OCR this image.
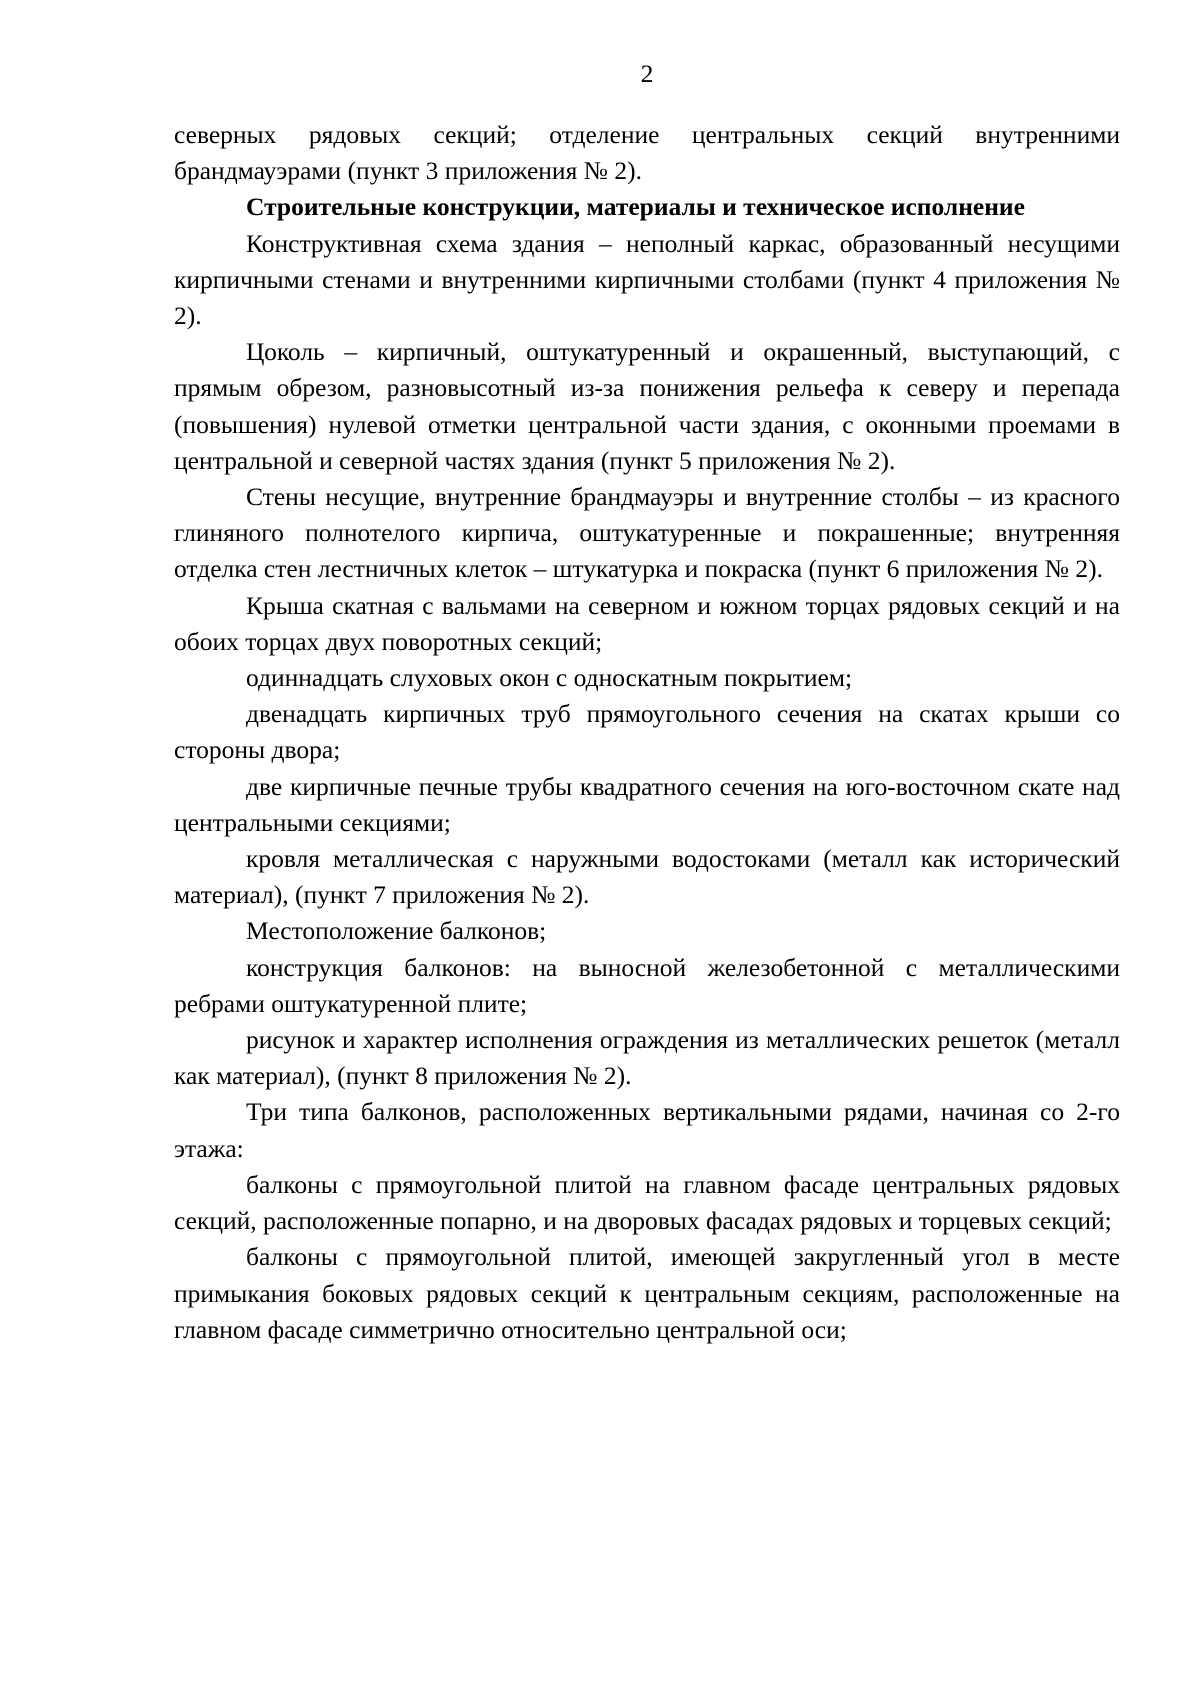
2

северных рядовых секций; отделение центральных секций внутренними брандмауэрами (пункт 3 приложения № 2).

Строительные конструкции, материалы и техническое исполнение

Конструктивная схема здания – неполный каркас, образованный несущими кирпичными стенами и внутренними кирпичными столбами (пункт 4 приложения № 2).

Цоколь – кирпичный, оштукатуренный и окрашенный, выступающий, с прямым обрезом, разновысотный из-за понижения рельефа к северу и перепада (повышения) нулевой отметки центральной части здания, с оконными проемами в центральной и северной частях здания (пункт 5 приложения № 2).

Стены несущие, внутренние брандмауэры и внутренние столбы – из красного глиняного полнотелого кирпича, оштукатуренные и покрашенные; внутренняя отделка стен лестничных клеток – штукатурка и покраска (пункт 6 приложения № 2).

Крыша скатная с вальмами на северном и южном торцах рядовых секций и на обоих торцах двух поворотных секций;

одиннадцать слуховых окон с односкатным покрытием;

двенадцать кирпичных труб прямоугольного сечения на скатах крыши со стороны двора;

две кирпичные печные трубы квадратного сечения на юго-восточном скате над центральными секциями;

кровля металлическая с наружными водостоками (металл как исторический материал), (пункт 7 приложения № 2).

Местоположение балконов;

конструкция балконов: на выносной железобетонной с металлическими ребрами оштукатуренной плите;

рисунок и характер исполнения ограждения из металлических решеток (металл как материал), (пункт 8 приложения № 2).

Три типа балконов, расположенных вертикальными рядами, начиная со 2-го этажа:

балконы с прямоугольной плитой на главном фасаде центральных рядовых секций, расположенные попарно, и на дворовых фасадах рядовых и торцевых секций;

балконы с прямоугольной плитой, имеющей закругленный угол в месте примыкания боковых рядовых секций к центральным секциям, расположенные на главном фасаде симметрично относительно центральной оси;
